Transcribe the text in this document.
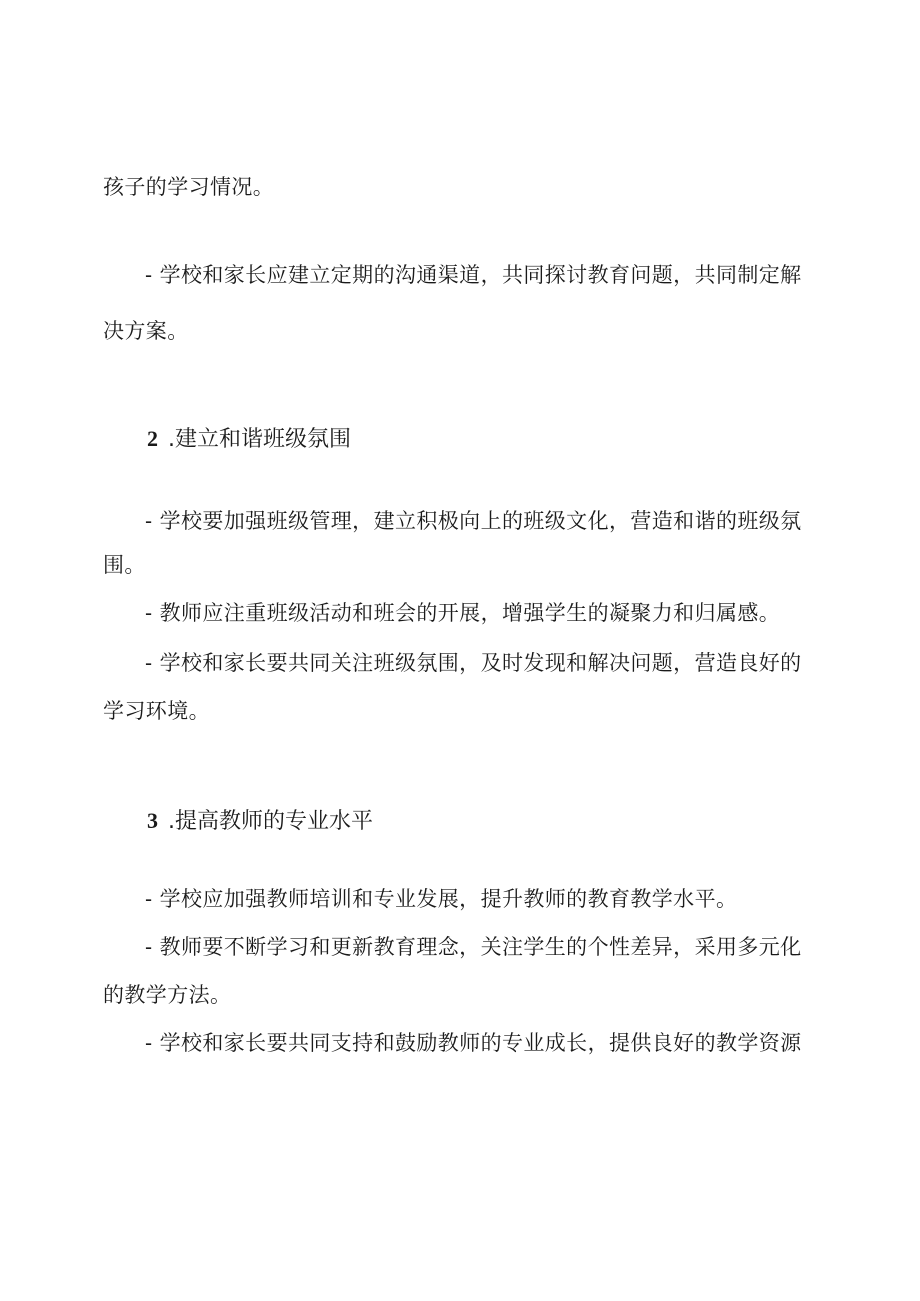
孩子的学习情况。
- 学校和家长应建立定期的沟通渠道，共同探讨教育问题，共同制定解
决方案。
2 .建立和谐班级氛围
- 学校要加强班级管理，建立积极向上的班级文化，营造和谐的班级氛
围。
- 教师应注重班级活动和班会的开展，增强学生的凝聚力和归属感。
- 学校和家长要共同关注班级氛围，及时发现和解决问题，营造良好的
学习环境。
3 .提高教师的专业水平
- 学校应加强教师培训和专业发展，提升教师的教育教学水平。
- 教师要不断学习和更新教育理念，关注学生的个性差异，采用多元化
的教学方法。
- 学校和家长要共同支持和鼓励教师的专业成长，提供良好的教学资源
